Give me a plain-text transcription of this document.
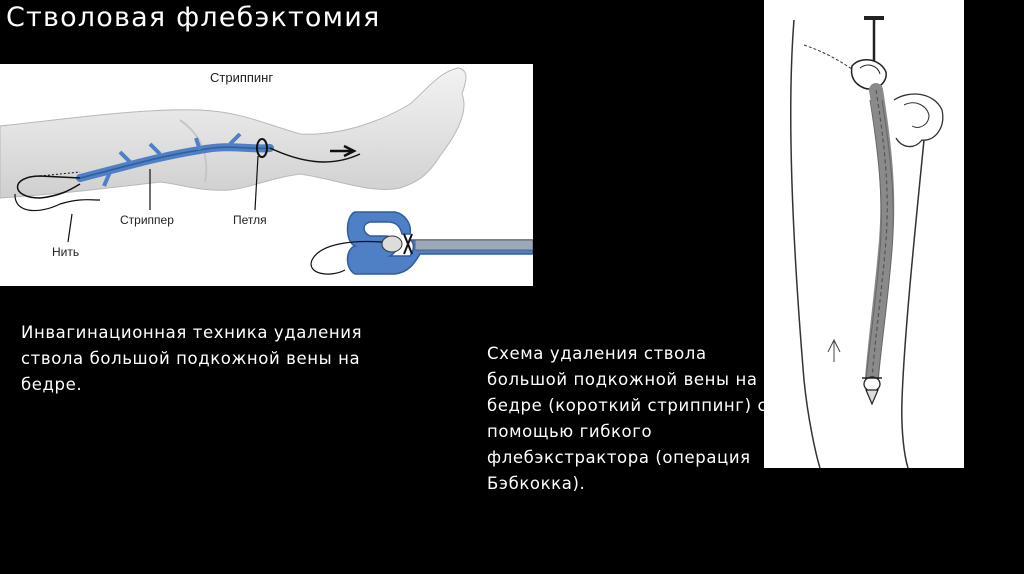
Стволовая флебэктомия
Стриппинг
Стриппер	Петля
Нить
Инвагинационная техника удаления
ствола большой подкожной вены на
бедре.
Схема удаления ствола
большой подкожной вены на
бедре (короткий стриппинг) с
помощью гибкого
флебэкстрактора (операция
Бэбкокка).
